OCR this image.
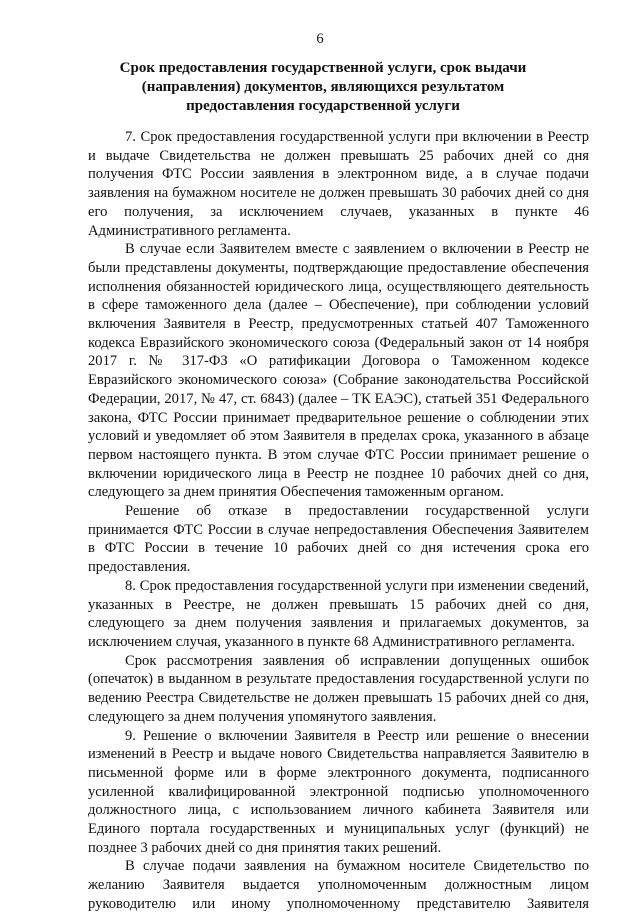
6
Срок предоставления государственной услуги, срок выдачи (направления) документов, являющихся результатом предоставления государственной услуги

7. Срок предоставления государственной услуги при включении в Реестр и выдаче Свидетельства не должен превышать 25 рабочих дней со дня получения ФТС России заявления в электронном виде, а в случае подачи заявления на бумажном носителе не должен превышать 30 рабочих дней со дня его получения, за исключением случаев, указанных в пункте 46 Административного регламента.

В случае если Заявителем вместе с заявлением о включении в Реестр не были представлены документы, подтверждающие предоставление обеспечения исполнения обязанностей юридического лица, осуществляющего деятельность в сфере таможенного дела (далее – Обеспечение), при соблюдении условий включения Заявителя в Реестр, предусмотренных статьей 407 Таможенного кодекса Евразийского экономического союза (Федеральный закон от 14 ноября 2017 г. № 317-ФЗ «О ратификации Договора о Таможенном кодексе Евразийского экономического союза» (Собрание законодательства Российской Федерации, 2017, № 47, ст. 6843) (далее – ТК ЕАЭС), статьей 351 Федерального закона, ФТС России принимает предварительное решение о соблюдении этих условий и уведомляет об этом Заявителя в пределах срока, указанного в абзаце первом настоящего пункта. В этом случае ФТС России принимает решение о включении юридического лица в Реестр не позднее 10 рабочих дней со дня, следующего за днем принятия Обеспечения таможенным органом.

Решение об отказе в предоставлении государственной услуги принимается ФТС России в случае непредоставления Обеспечения Заявителем в ФТС России в течение 10 рабочих дней со дня истечения срока его предоставления.

8. Срок предоставления государственной услуги при изменении сведений, указанных в Реестре, не должен превышать 15 рабочих дней со дня, следующего за днем получения заявления и прилагаемых документов, за исключением случая, указанного в пункте 68 Административного регламента.

Срок рассмотрения заявления об исправлении допущенных ошибок (опечаток) в выданном в результате предоставления государственной услуги по ведению Реестра Свидетельстве не должен превышать 15 рабочих дней со дня, следующего за днем получения упомянутого заявления.

9. Решение о включении Заявителя в Реестр или решение о внесении изменений в Реестр и выдаче нового Свидетельства направляется Заявителю в письменной форме или в форме электронного документа, подписанного усиленной квалифицированной электронной подписью уполномоченного должностного лица, с использованием личного кабинета Заявителя или Единого портала государственных и муниципальных услуг (функций) не позднее 3 рабочих дней со дня принятия таких решений.

В случае подачи заявления на бумажном носителе Свидетельство по желанию Заявителя выдается уполномоченным должностным лицом руководителю или иному уполномоченному представителю Заявителя
